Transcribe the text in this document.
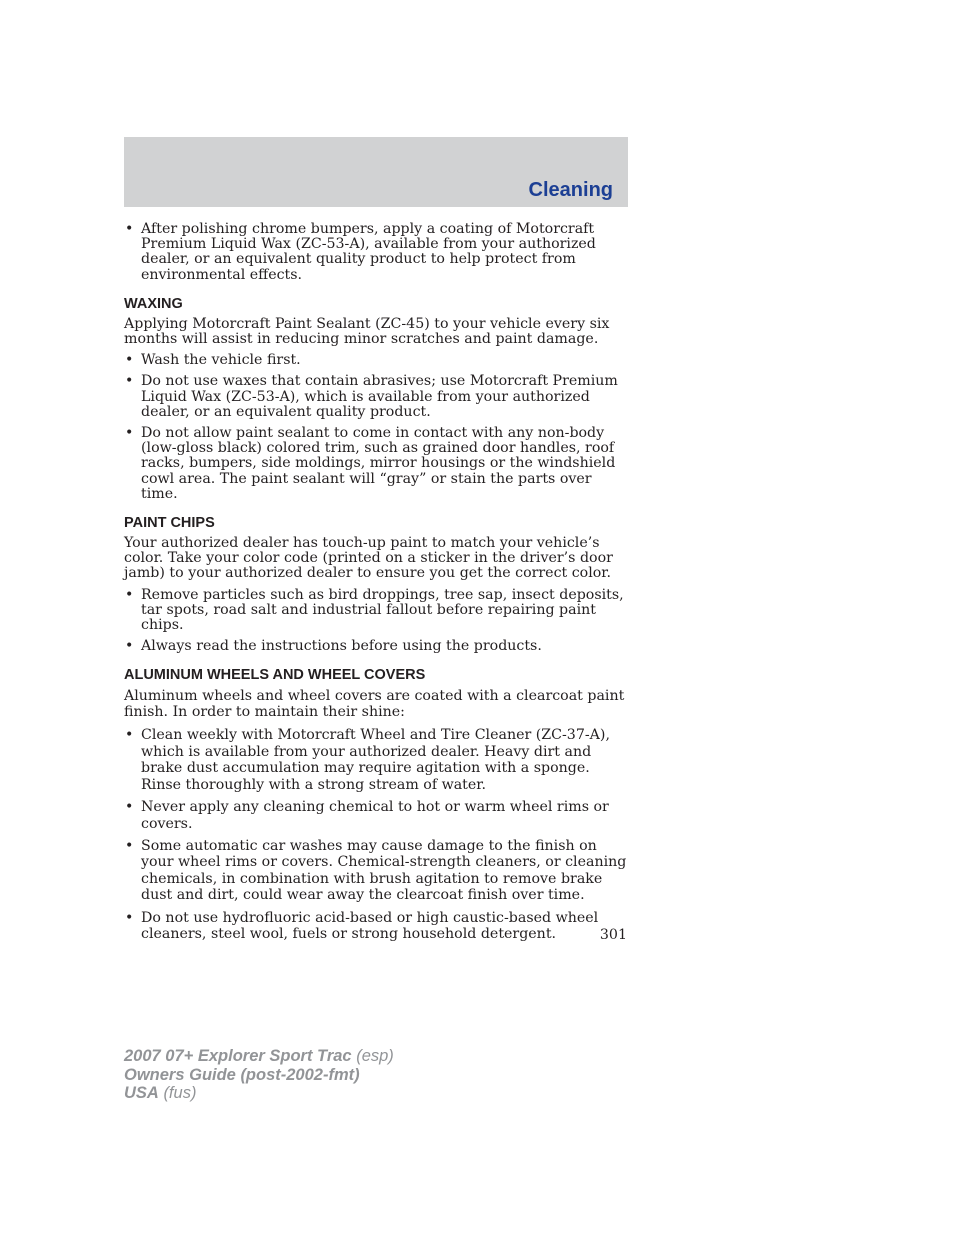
Cleaning
• After polishing chrome bumpers, apply a coating of Motorcraft Premium Liquid Wax (ZC-53-A), available from your authorized dealer, or an equivalent quality product to help protect from environmental effects.
WAXING

Applying Motorcraft Paint Sealant (ZC-45) to your vehicle every six months will assist in reducing minor scratches and paint damage.

• Wash the vehicle first.
• Do not use waxes that contain abrasives; use Motorcraft Premium Liquid Wax (ZC-53-A), which is available from your authorized dealer, or an equivalent quality product.
• Do not allow paint sealant to come in contact with any non-body (low-gloss black) colored trim, such as grained door handles, roof racks, bumpers, side moldings, mirror housings or the windshield cowl area. The paint sealant will “gray” or stain the parts over time.
PAINT CHIPS

Your authorized dealer has touch-up paint to match your vehicle’s color. Take your color code (printed on a sticker in the driver’s door jamb) to your authorized dealer to ensure you get the correct color.

• Remove particles such as bird droppings, tree sap, insect deposits, tar spots, road salt and industrial fallout before repairing paint chips.
• Always read the instructions before using the products.
ALUMINUM WHEELS AND WHEEL COVERS

Aluminum wheels and wheel covers are coated with a clearcoat paint finish. In order to maintain their shine:

• Clean weekly with Motorcraft Wheel and Tire Cleaner (ZC-37-A), which is available from your authorized dealer. Heavy dirt and brake dust accumulation may require agitation with a sponge. Rinse thoroughly with a strong stream of water.
• Never apply any cleaning chemical to hot or warm wheel rims or covers.
• Some automatic car washes may cause damage to the finish on your wheel rims or covers. Chemical-strength cleaners, or cleaning chemicals, in combination with brush agitation to remove brake dust and dirt, could wear away the clearcoat finish over time.
• Do not use hydrofluoric acid-based or high caustic-based wheel cleaners, steel wool, fuels or strong household detergent.	301
2007 07+ Explorer Sport Trac (esp)
Owners Guide (post-2002-fmt)
USA (fus)
